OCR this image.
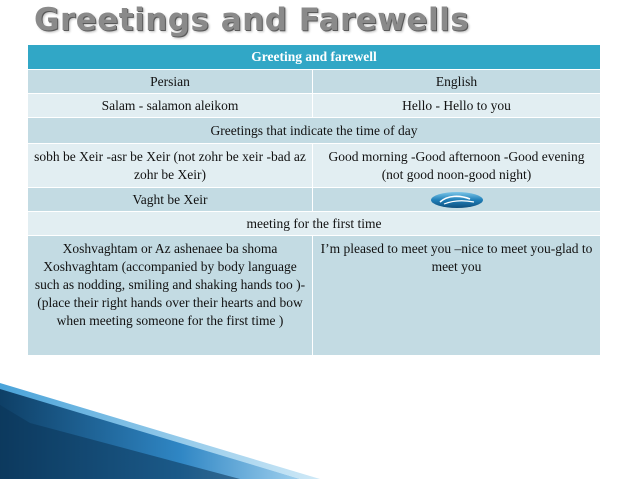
Greetings and Farewells
Greeting and farewell	
Persian	English
Salam - salamon aleikom	Hello - Hello to you
Greetings that indicate the time of day	
sobh be Xeir -asr be Xeir (not zohr be xeir -bad az zohr be Xeir)	Good morning -Good afternoon -Good evening (not good noon-good night)
Vaght be Xeir	
meeting for the first time	
Xoshvaghtam or Az ashenaee ba shoma Xoshvaghtam (accompanied by body language such as nodding, smiling and shaking hands too )-(place their right hands over their hearts and bow when meeting someone for the first time )	I’m pleased to meet you –nice to meet you-glad to meet you
